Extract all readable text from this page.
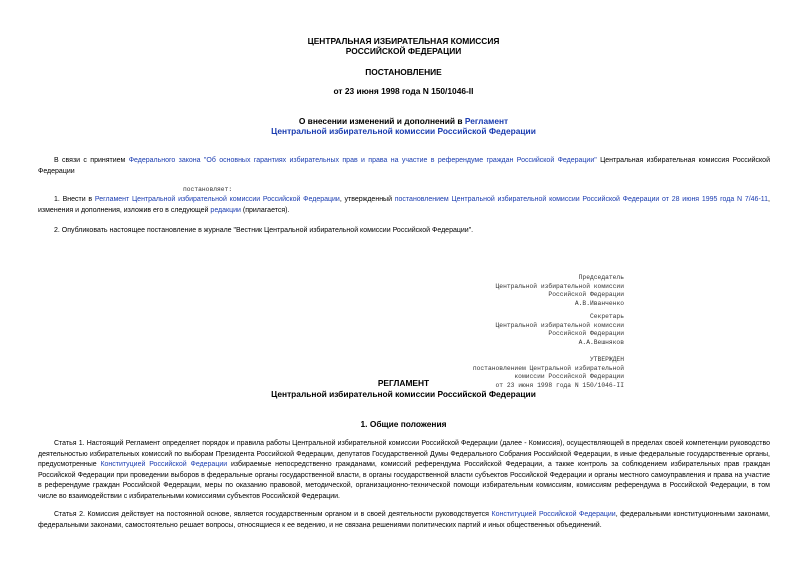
ЦЕНТРАЛЬНАЯ ИЗБИРАТЕЛЬНАЯ КОМИССИЯ
РОССИЙСКОЙ ФЕДЕРАЦИИ
ПОСТАНОВЛЕНИЕ
от 23 июня 1998 года N 150/1046-II
О внесении изменений и дополнений в Регламент
Центральной избирательной комиссии Российской Федерации
В связи с принятием Федерального закона "Об основных гарантиях избирательных прав и права на участие в референдуме граждан Российской Федерации" Центральная избирательная комиссия Российской Федерации
постановляет:
1. Внести в Регламент Центральной избирательной комиссии Российской Федерации, утвержденный постановлением Центральной избирательной комиссии Российской Федерации от 28 июня 1995 года N 7/46-11, изменения и дополнения, изложив его в следующей редакции (прилагается).
2. Опубликовать настоящее постановление в журнале "Вестник Центральной избирательной комиссии Российской Федерации".

Председатель
Центральной избирательной комиссии
Российской Федерации
А.В.Иванченко

Секретарь
Центральной избирательной комиссии
Российской Федерации
А.А.Вешняков

УТВЕРЖДЕН
постановлением Центральной избирательной
комиссии Российской Федерации
от 23 июня 1998 года N 150/1046-II

РЕГЛАМЕНТ
Центральной избирательной комиссии Российской Федерации
1. Общие положения
Статья 1. Настоящий Регламент определяет порядок и правила работы Центральной избирательной комиссии Российской Федерации (далее - Комиссия), осуществляющей в пределах своей компетенции руководство деятельностью избирательных комиссий по выборам Президента Российской Федерации, депутатов Государственной Думы Федерального Собрания Российской Федерации, в иные федеральные государственные органы, предусмотренные Конституцией Российской Федерации избираемые непосредственно гражданами, комиссий референдума Российской Федерации, а также контроль за соблюдением избирательных прав граждан Российской Федерации при проведении выборов в федеральные органы государственной власти, в органы государственной власти субъектов Российской Федерации и органы местного самоуправления и права на участие в референдуме граждан Российской Федерации, меры по оказанию правовой, методической, организационно-технической помощи избирательным комиссиям, комиссиям референдума в Российской Федерации, в том числе во взаимодействии с избирательными комиссиями субъектов Российской Федерации.
Статья 2. Комиссия действует на постоянной основе, является государственным органом и в своей деятельности руководствуется Конституцией Российской Федерации, федеральными конституционными законами, федеральными законами, самостоятельно решает вопросы, относящиеся к ее ведению, и не связана решениями политических партий и иных общественных объединений.
